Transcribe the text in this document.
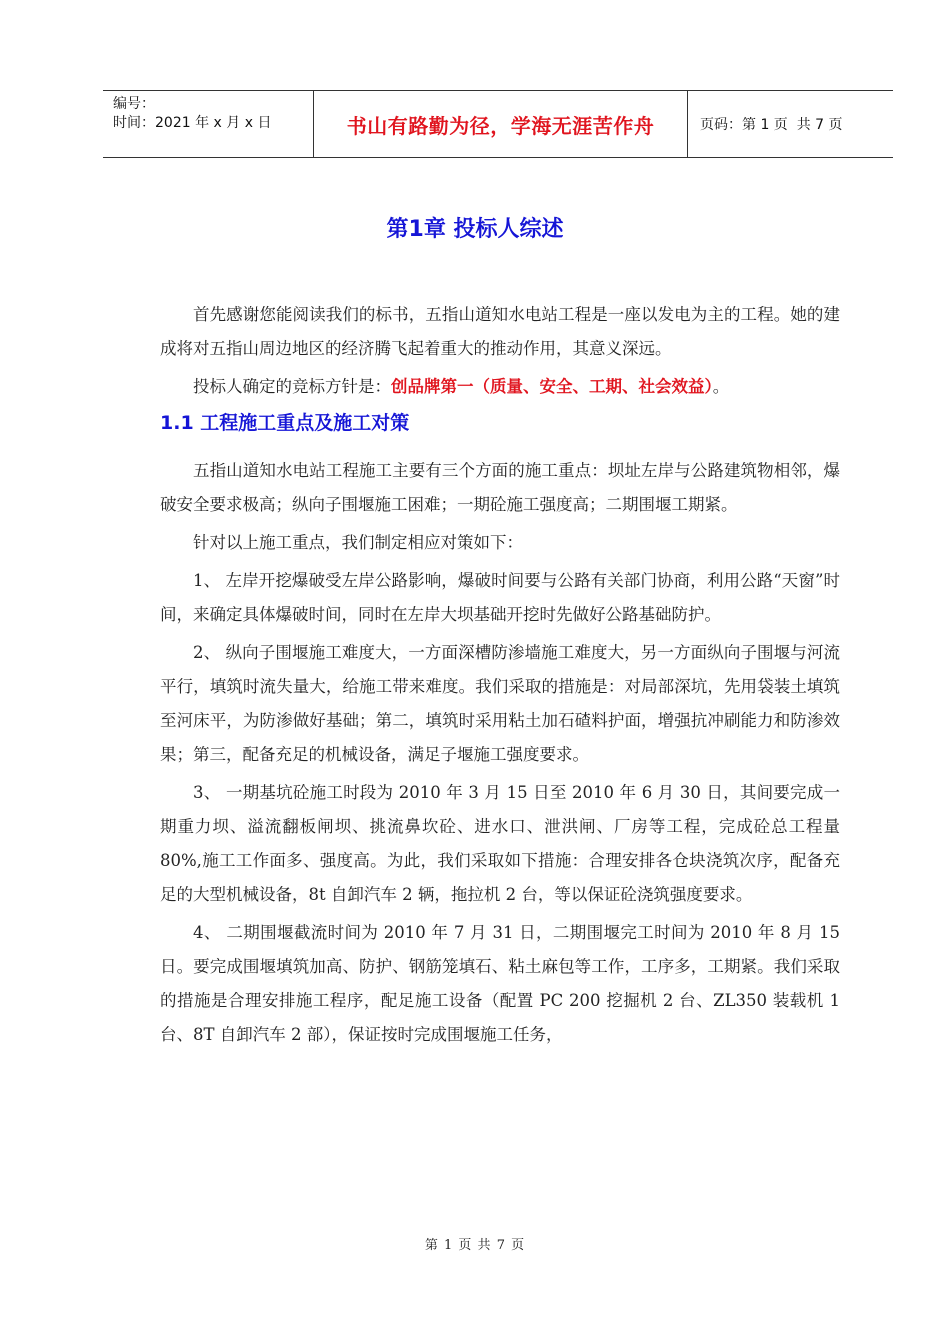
编号：
时间：2021 年 x 月 x 日	书山有路勤为径，学海无涯苦作舟	页码：第 1 页  共 7 页
第1章 投标人综述

首先感谢您能阅读我们的标书，五指山道知水电站工程是一座以发电为主的工程。她的建成将对五指山周边地区的经济腾飞起着重大的推动作用，其意义深远。

投标人确定的竞标方针是：创品牌第一（质量、安全、工期、社会效益）。

1.1 工程施工重点及施工对策

五指山道知水电站工程施工主要有三个方面的施工重点：坝址左岸与公路建筑物相邻，爆破安全要求极高；纵向子围堰施工困难；一期砼施工强度高；二期围堰工期紧。

针对以上施工重点，我们制定相应对策如下：

1、 左岸开挖爆破受左岸公路影响，爆破时间要与公路有关部门协商，利用公路“天窗”时间，来确定具体爆破时间，同时在左岸大坝基础开挖时先做好公路基础防护。

2、 纵向子围堰施工难度大，一方面深槽防渗墙施工难度大，另一方面纵向子围堰与河流平行，填筑时流失量大，给施工带来难度。我们采取的措施是：对局部深坑，先用袋装土填筑至河床平，为防渗做好基础；第二，填筑时采用粘土加石碴料护面，增强抗冲刷能力和防渗效果；第三，配备充足的机械设备，满足子堰施工强度要求。

3、 一期基坑砼施工时段为 2010 年 3 月 15 日至 2010 年 6 月 30 日，其间要完成一期重力坝、溢流翻板闸坝、挑流鼻坎砼、进水口、泄洪闸、厂房等工程，完成砼总工程量 80%,施工工作面多、强度高。为此，我们采取如下措施：合理安排各仓块浇筑次序，配备充足的大型机械设备，8t 自卸汽车 2 辆，拖拉机 2 台，等以保证砼浇筑强度要求。

4、 二期围堰截流时间为 2010 年 7 月 31 日，二期围堰完工时间为 2010 年 8 月 15 日。要完成围堰填筑加高、防护、钢筋笼填石、粘土麻包等工作，工序多，工期紧。我们采取的措施是合理安排施工程序，配足施工设备（配置 PC 200 挖掘机 2 台、ZL350 装载机 1 台、8T 自卸汽车 2 部），保证按时完成围堰施工任务，

第 1 页 共 7 页
